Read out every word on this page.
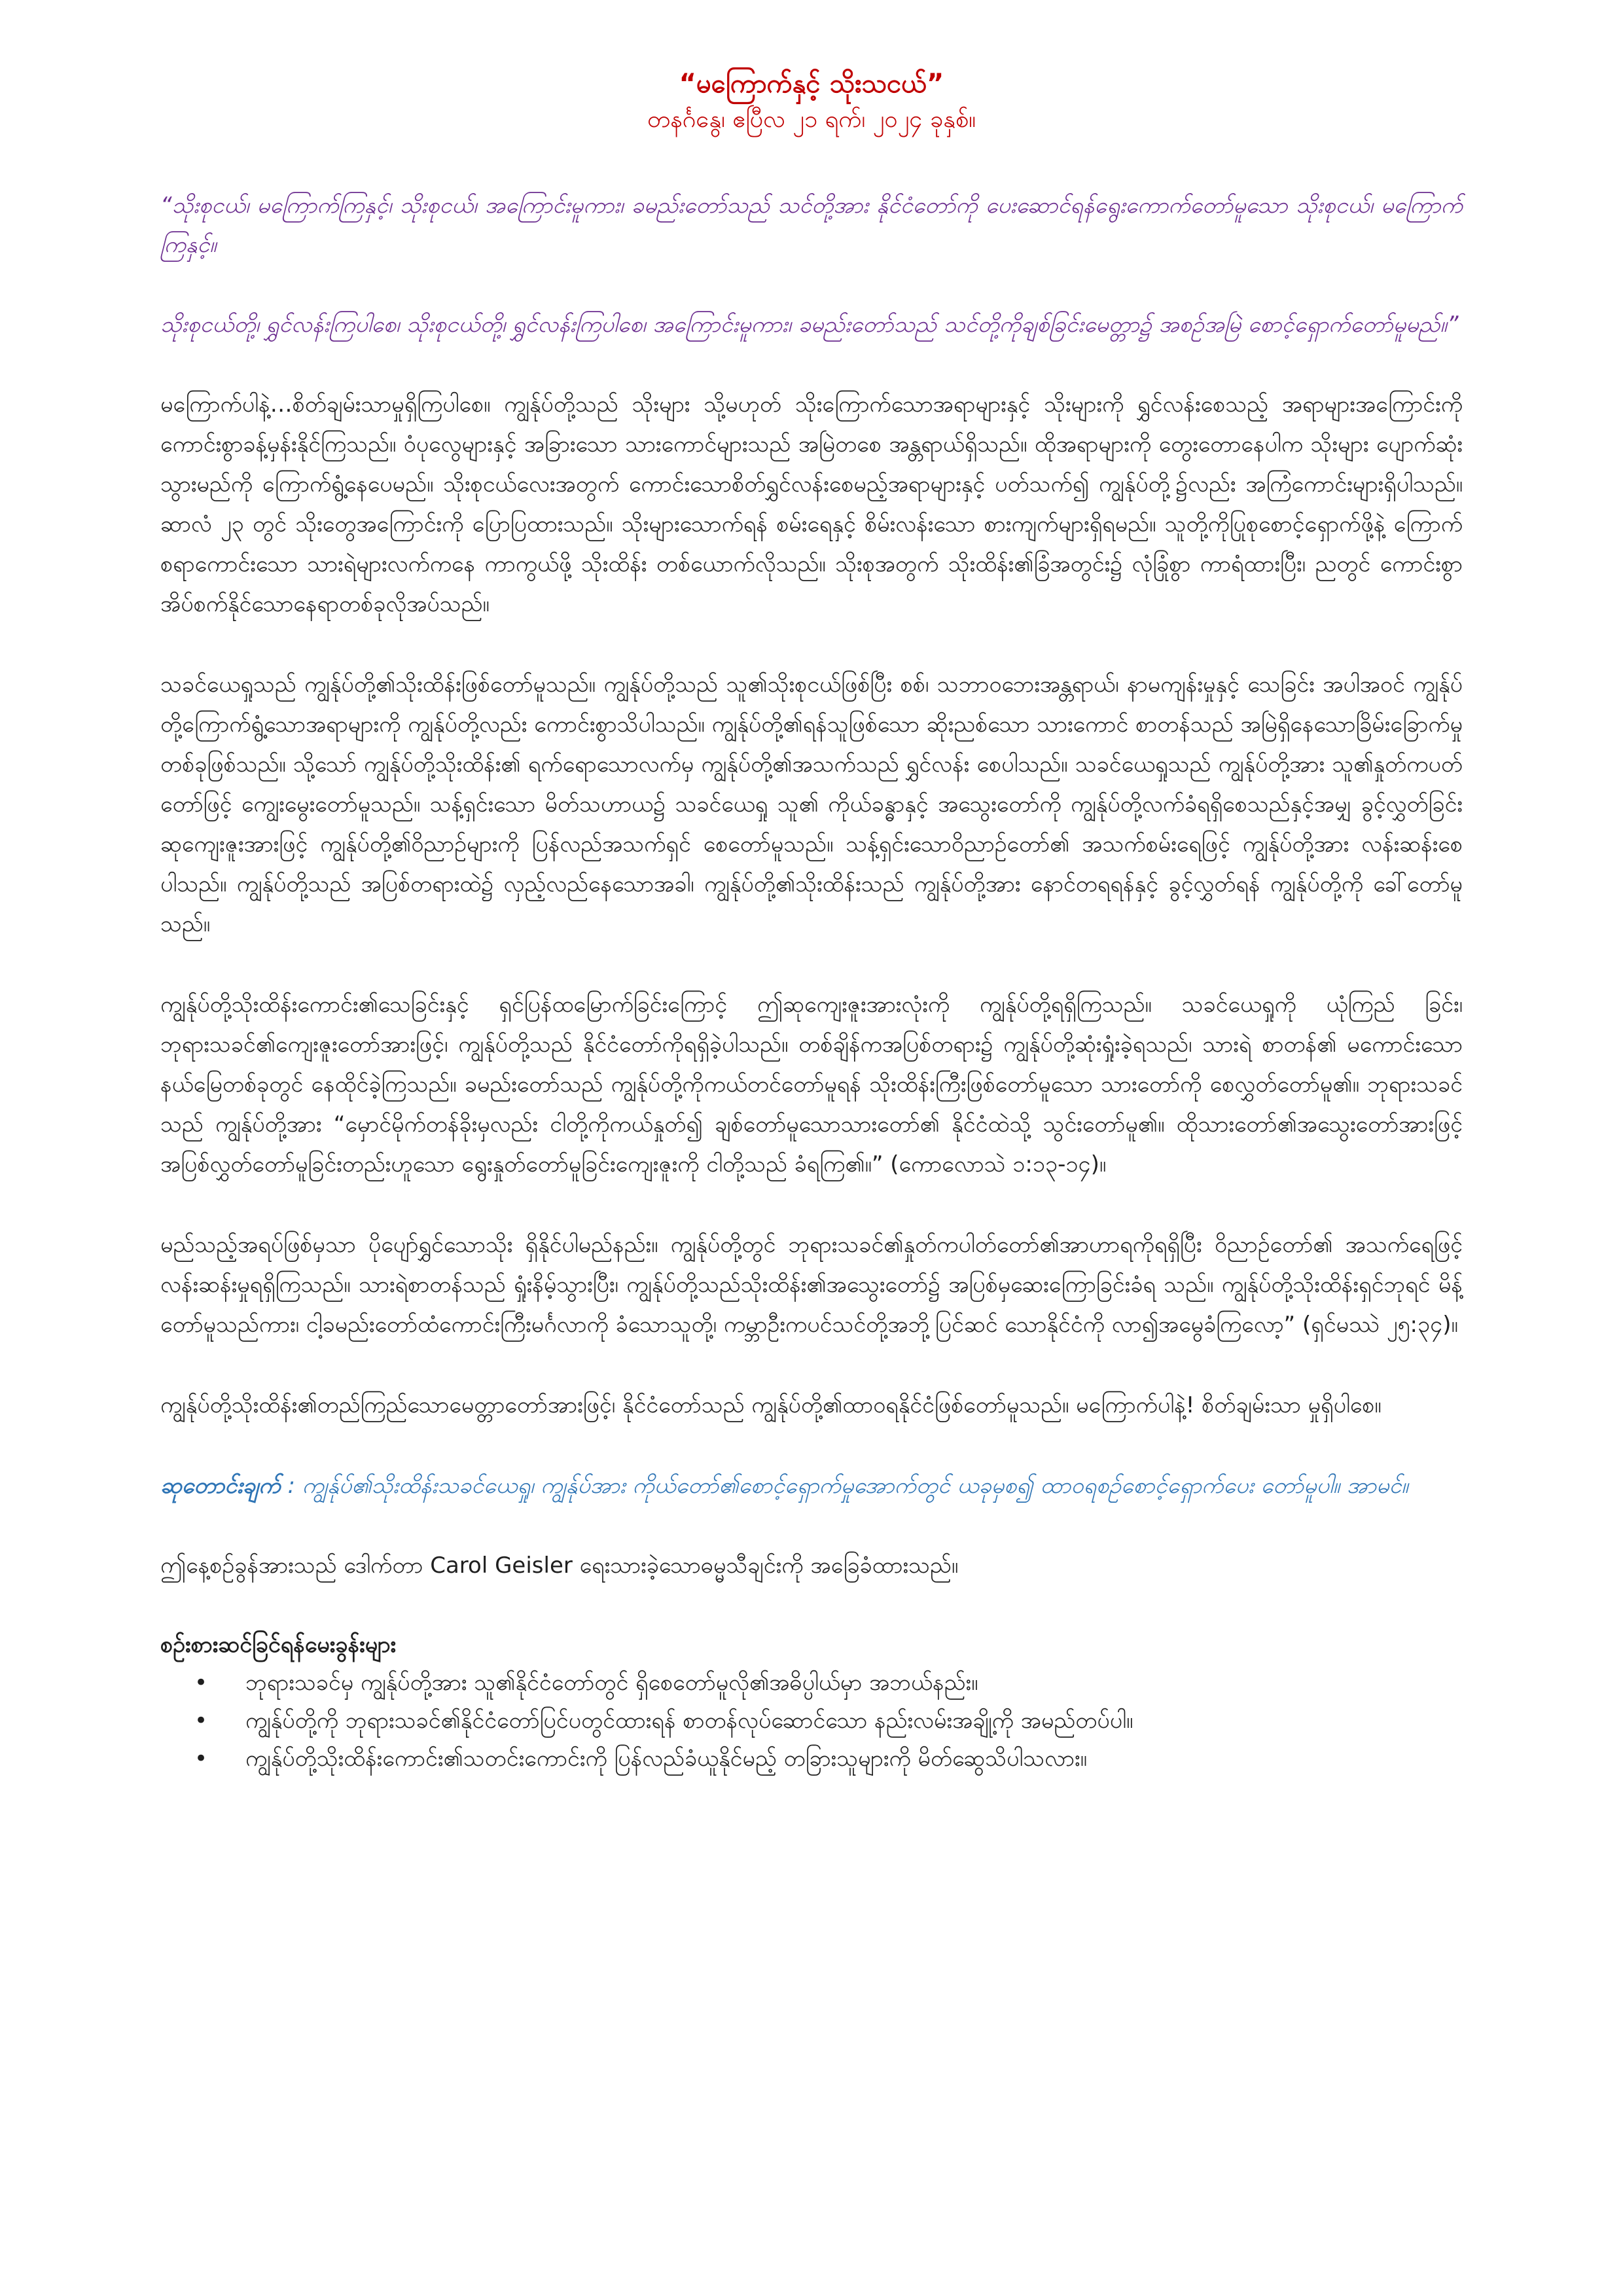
“မကြောက်နှင့် သိုးသငယ်”

တနင်္ဂနွေ၊ ဧပြီလ ၂၁ ရက်၊ ၂၀၂၄ ခုနှစ်။

“သိုးစုငယ်၊ မကြောက်ကြနှင့်၊ သိုးစုငယ်၊ အကြောင်းမူကား၊ ခမည်းတော်သည် သင်တို့အား နိုင်ငံတော်ကို ပေးဆောင်ရန်ရွေးကောက်တော်မူသော သိုးစုငယ်၊ မကြောက်ကြနှင့်။

သိုးစုငယ်တို့၊ ရွှင်လန်းကြပါစေ၊ သိုးစုငယ်တို့၊ ရွှင်လန်းကြပါစေ၊ အကြောင်းမူကား၊ ခမည်းတော်သည် သင်တို့ကိုချစ်ခြင်းမေတ္တာ၌ အစဉ်အမြဲ စောင့်ရှောက်တော်မူမည်။”

မကြောက်ပါနဲ့…စိတ်ချမ်းသာမှုရှိကြပါစေ။ ကျွန်ုပ်တို့သည် သိုးများ သို့မဟုတ် သိုးကြောက်သောအရာများနှင့် သိုးများကို ရွှင်လန်းစေသည့် အရာများအကြောင်းကို ကောင်းစွာခန့်မှန်းနိုင်ကြသည်။ ဝံပုလွေများနှင့် အခြားသော သားကောင်များသည် အမြဲတစေ အန္တရာယ်ရှိသည်။ ထိုအရာများကို တွေးတောနေပါက သိုးများ ပျောက်ဆုံးသွားမည်ကို ကြောက်ရွံ့နေပေမည်။ သိုးစုငယ်လေးအတွက် ကောင်းသောစိတ်ရွှင်လန်းစေမည့်အရာများနှင့် ပတ်သက်၍ ကျွန်ုပ်တို့၌လည်း အကြံကောင်းများရှိပါသည်။ ဆာလံ ၂၃ တွင် သိုးတွေအကြောင်းကို ပြောပြထားသည်။ သိုးများသောက်ရန် စမ်းရေနှင့် စိမ်းလန်းသော စားကျက်များရှိရမည်။ သူတို့ကိုပြုစုစောင့်ရှောက်ဖို့နဲ့ ကြောက်စရာကောင်းသော သားရဲများလက်ကနေ ကာကွယ်ဖို့ သိုးထိန်း တစ်ယောက်လိုသည်။ သိုးစုအတွက် သိုးထိန်း၏ခြံအတွင်း၌ လုံခြုံစွာ ကာရံထားပြီး၊ ညတွင် ကောင်းစွာအိပ်စက်နိုင်သောနေရာတစ်ခုလိုအပ်သည်။

သခင်ယေရှုသည် ကျွန်ုပ်တို့၏သိုးထိန်းဖြစ်တော်မူသည်။ ကျွန်ုပ်တို့သည် သူ၏သိုးစုငယ်ဖြစ်ပြီး စစ်၊ သဘာဝဘေးအန္တရာယ်၊ နာမကျန်းမှုနှင့် သေခြင်း အပါအဝင် ကျွန်ုပ်တို့ကြောက်ရွံ့သောအရာများကို ကျွန်ုပ်တို့လည်း ကောင်းစွာသိပါသည်။ ကျွန်ုပ်တို့၏ရန်သူဖြစ်သော ဆိုးညစ်သော သားကောင် စာတန်သည် အမြဲရှိနေသောခြိမ်းခြောက်မှုတစ်ခုဖြစ်သည်။ သို့သော် ကျွန်ုပ်တို့သိုးထိန်း၏ ရက်ရောသောလက်မှ ကျွန်ုပ်တို့၏အသက်သည် ရွှင်လန်း စေပါသည်။ သခင်ယေရှုသည် ကျွန်ုပ်တို့အား သူ၏နှုတ်ကပတ်တော်ဖြင့် ကျွေးမွေးတော်မူသည်။ သန့်ရှင်းသော မိတ်သဟာယ၌ သခင်ယေရှု သူ၏ ကိုယ်ခန္ဓာနှင့် အသွေးတော်ကို ကျွန်ုပ်တို့လက်ခံရရှိစေသည်နှင့်အမျှ ခွင့်လွှတ်ခြင်းဆုကျေးဇူးအားဖြင့် ကျွန်ုပ်တို့၏ဝိညာဉ်များကို ပြန်လည်အသက်ရှင် စေတော်မူသည်။ သန့်ရှင်းသောဝိညာဉ်တော်၏ အသက်စမ်းရေဖြင့် ကျွန်ုပ်တို့အား လန်းဆန်းစေပါသည်။ ကျွန်ုပ်တို့သည် အပြစ်တရားထဲ၌ လှည့်လည်နေသောအခါ၊ ကျွန်ုပ်တို့၏သိုးထိန်းသည် ကျွန်ုပ်တို့အား နောင်တရရန်နှင့် ခွင့်လွှတ်ရန် ကျွန်ုပ်တို့ကို ခေါ်တော်မူသည်။

ကျွန်ုပ်တို့သိုးထိန်းကောင်း၏သေခြင်းနှင့် ရှင်ပြန်ထမြောက်ခြင်းကြောင့် ဤဆုကျေးဇူးအားလုံးကို ကျွန်ုပ်တို့ရရှိကြသည်။ သခင်ယေရှုကို ယုံကြည် ခြင်း၊ ဘုရားသခင်၏ကျေးဇူးတော်အားဖြင့်၊ ကျွန်ုပ်တို့သည် နိုင်ငံတော်ကိုရရှိခဲ့ပါသည်။ တစ်ချိန်ကအပြစ်တရား၌ ကျွန်ုပ်တို့ဆုံးရှုံးခဲ့ရသည်၊ သားရဲ စာတန်၏ မကောင်းသောနယ်မြေတစ်ခုတွင် နေထိုင်ခဲ့ကြသည်။ ခမည်းတော်သည် ကျွန်ုပ်တို့ကိုကယ်တင်တော်မူရန် သိုးထိန်းကြီးဖြစ်တော်မူသော သားတော်ကို စေလွှတ်တော်မူ၏။ ဘုရားသခင်သည် ကျွန်ုပ်တို့အား “မှောင်မိုက်တန်ခိုးမှလည်း ငါတို့ကိုကယ်နှုတ်၍ ချစ်တော်မူသောသားတော်၏ နိုင်ငံထဲသို့ သွင်းတော်မူ၏။ ထိုသားတော်၏အသွေးတော်အားဖြင့် အပြစ်လွှတ်တော်မူခြင်းတည်းဟူသော ရွေးနှုတ်တော်မူခြင်းကျေးဇူးကို ငါတို့သည် ခံရကြ၏။” (ကောလောသဲ ၁:၁၃-၁၄)။

မည်သည့်အရပ်ဖြစ်မှသာ ပိုပျော်ရွှင်သောသိုး ရှိနိုင်ပါမည်နည်း။ ကျွန်ုပ်တို့တွင် ဘုရားသခင်၏နှုတ်ကပါတ်တော်၏အာဟာရကိုရရှိပြီး ဝိညာဉ်တော်၏ အသက်ရေဖြင့် လန်းဆန်းမှုရရှိကြသည်။ သားရဲစာတန်သည် ရှုံးနိမ့်သွားပြီး၊ ကျွန်ုပ်တို့သည်သိုးထိန်း၏အသွေးတော်၌ အပြစ်မှဆေးကြောခြင်းခံရ သည်။ ကျွန်ုပ်တို့သိုးထိန်းရှင်ဘုရင် မိန့်တော်မူသည်ကား၊ ငါ့ခမည်းတော်ထံကောင်းကြီးမင်္ဂလာကို ခံသောသူတို့၊ ကမ္ဘာဦးကပင်သင်တို့အဘို့ပြင်ဆင် သောနိုင်ငံကို လာ၍အမွေခံကြလော့” (ရှင်မဿဲ ၂၅:၃၄)။

ကျွန်ုပ်တို့သိုးထိန်း၏တည်ကြည်သောမေတ္တာတော်အားဖြင့်၊ နိုင်ငံတော်သည် ကျွန်ုပ်တို့၏ထာဝရနိုင်ငံဖြစ်တော်မူသည်။ မကြောက်ပါနဲ့! စိတ်ချမ်းသာ မှုရှိပါစေ။

ဆုတောင်းချက် : ကျွန်ုပ်၏သိုးထိန်းသခင်ယေရှု၊ ကျွန်ုပ်အား ကိုယ်တော်၏စောင့်ရှောက်မှုအောက်တွင် ယခုမှစ၍ ထာဝရစဉ်စောင့်ရှောက်ပေး တော်မူပါ။ အာမင်။

ဤနေ့စဉ်ခွန်အားသည် ဒေါက်တာ Carol Geisler ရေးသားခဲ့သောဓမ္မသီချင်းကို အခြေခံထားသည်။

စဉ်းစားဆင်ခြင်ရန်မေးခွန်းများ

• ဘုရားသခင်မှ ကျွန်ုပ်တို့အား သူ၏နိုင်ငံတော်တွင် ရှိစေတော်မူလို၏အဓိပ္ပါယ်မှာ အဘယ်နည်း။
• ကျွန်ုပ်တို့ကို ဘုရားသခင်၏နိုင်ငံတော်ပြင်ပတွင်ထားရန် စာတန်လုပ်ဆောင်သော နည်းလမ်းအချို့ကို အမည်တပ်ပါ။
• ကျွန်ုပ်တို့သိုးထိန်းကောင်း၏သတင်းကောင်းကို ပြန်လည်ခံယူနိုင်မည့် တခြားသူများကို မိတ်ဆွေသိပါသလား။
